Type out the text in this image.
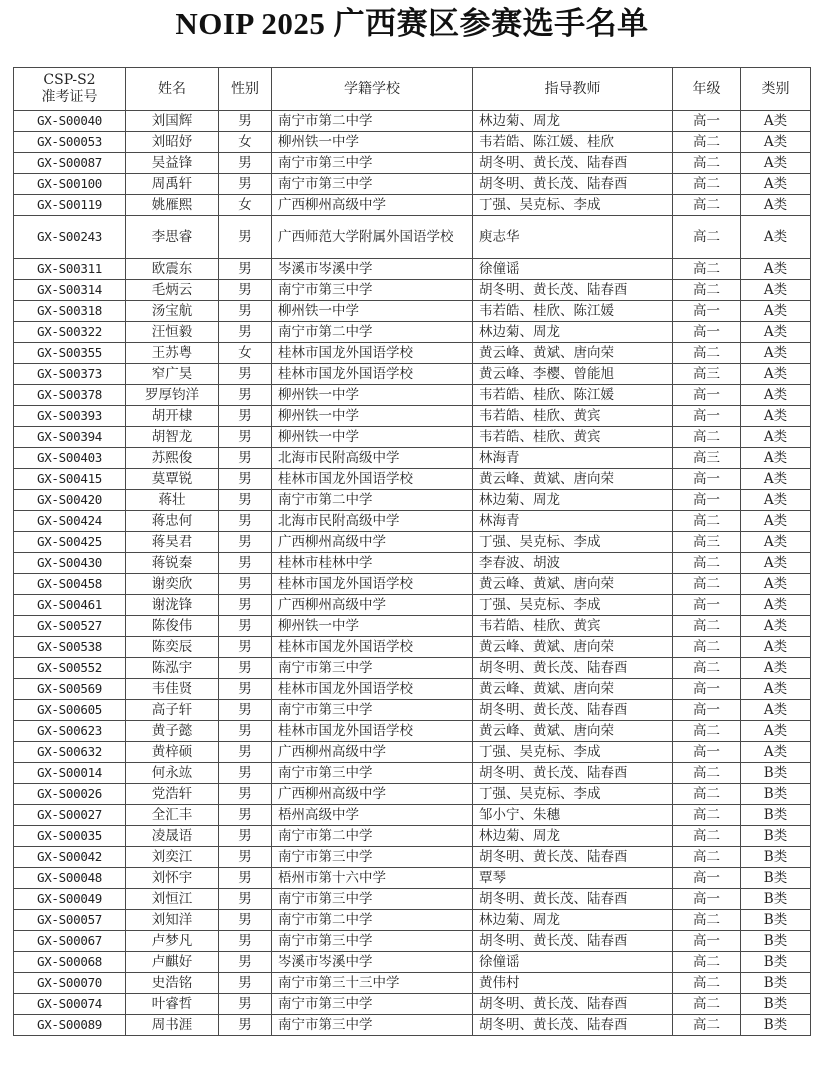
NOIP 2025 广西赛区参赛选手名单
CSP-S2
准考证号	姓名	性别	学籍学校	指导教师	年级	类别
GX-S00040	刘国辉	男	南宁市第二中学	林边菊、周龙	高一	A类
GX-S00053	刘昭妤	女	柳州铁一中学	韦若皓、陈江媛、桂欣	高二	A类
GX-S00087	吴益锋	男	南宁市第三中学	胡冬明、黄长茂、陆春酉	高二	A类
GX-S00100	周禹轩	男	南宁市第三中学	胡冬明、黄长茂、陆春酉	高二	A类
GX-S00119	姚雁熙	女	广西柳州高级中学	丁强、吴克标、李成	高二	A类
GX-S00243	李思睿	男	广西师范大学附属外国语学校	庾志华	高二	A类
GX-S00311	欧震东	男	岑溪市岑溪中学	徐僮谣	高二	A类
GX-S00314	毛炳云	男	南宁市第三中学	胡冬明、黄长茂、陆春酉	高二	A类
GX-S00318	汤宝航	男	柳州铁一中学	韦若皓、桂欣、陈江媛	高一	A类
GX-S00322	汪恒毅	男	南宁市第二中学	林边菊、周龙	高一	A类
GX-S00355	王苏粤	女	桂林市国龙外国语学校	黄云峰、黄斌、唐向荣	高二	A类
GX-S00373	窄广昊	男	桂林市国龙外国语学校	黄云峰、李樱、曾能旭	高三	A类
GX-S00378	罗厚钧洋	男	柳州铁一中学	韦若皓、桂欣、陈江媛	高一	A类
GX-S00393	胡开棣	男	柳州铁一中学	韦若皓、桂欣、黄宾	高一	A类
GX-S00394	胡智龙	男	柳州铁一中学	韦若皓、桂欣、黄宾	高二	A类
GX-S00403	苏熙俊	男	北海市民附高级中学	林海青	高三	A类
GX-S00415	莫覃锐	男	桂林市国龙外国语学校	黄云峰、黄斌、唐向荣	高一	A类
GX-S00420	蒋壮	男	南宁市第二中学	林边菊、周龙	高一	A类
GX-S00424	蒋忠何	男	北海市民附高级中学	林海青	高二	A类
GX-S00425	蒋昊君	男	广西柳州高级中学	丁强、吴克标、李成	高三	A类
GX-S00430	蒋锐秦	男	桂林市桂林中学	李春波、胡波	高二	A类
GX-S00458	谢奕欣	男	桂林市国龙外国语学校	黄云峰、黄斌、唐向荣	高二	A类
GX-S00461	谢泷锋	男	广西柳州高级中学	丁强、吴克标、李成	高一	A类
GX-S00527	陈俊伟	男	柳州铁一中学	韦若皓、桂欣、黄宾	高二	A类
GX-S00538	陈奕辰	男	桂林市国龙外国语学校	黄云峰、黄斌、唐向荣	高二	A类
GX-S00552	陈泓宇	男	南宁市第三中学	胡冬明、黄长茂、陆春酉	高二	A类
GX-S00569	韦佳贤	男	桂林市国龙外国语学校	黄云峰、黄斌、唐向荣	高一	A类
GX-S00605	高子轩	男	南宁市第三中学	胡冬明、黄长茂、陆春酉	高一	A类
GX-S00623	黄子懿	男	桂林市国龙外国语学校	黄云峰、黄斌、唐向荣	高二	A类
GX-S00632	黄梓硕	男	广西柳州高级中学	丁强、吴克标、李成	高一	A类
GX-S00014	何永竑	男	南宁市第三中学	胡冬明、黄长茂、陆春酉	高二	B类
GX-S00026	党浩轩	男	广西柳州高级中学	丁强、吴克标、李成	高二	B类
GX-S00027	全汇丰	男	梧州高级中学	邹小宁、朱穗	高二	B类
GX-S00035	凌晟语	男	南宁市第二中学	林边菊、周龙	高二	B类
GX-S00042	刘奕江	男	南宁市第三中学	胡冬明、黄长茂、陆春酉	高二	B类
GX-S00048	刘怀宇	男	梧州市第十六中学	覃琴	高一	B类
GX-S00049	刘恒江	男	南宁市第三中学	胡冬明、黄长茂、陆春酉	高一	B类
GX-S00057	刘知洋	男	南宁市第二中学	林边菊、周龙	高二	B类
GX-S00067	卢梦凡	男	南宁市第三中学	胡冬明、黄长茂、陆春酉	高一	B类
GX-S00068	卢麒好	男	岑溪市岑溪中学	徐僮谣	高二	B类
GX-S00070	史浩铭	男	南宁市第三十三中学	黄伟村	高二	B类
GX-S00074	叶睿哲	男	南宁市第三中学	胡冬明、黄长茂、陆春酉	高二	B类
GX-S00089	周书涯	男	南宁市第三中学	胡冬明、黄长茂、陆春酉	高二	B类
